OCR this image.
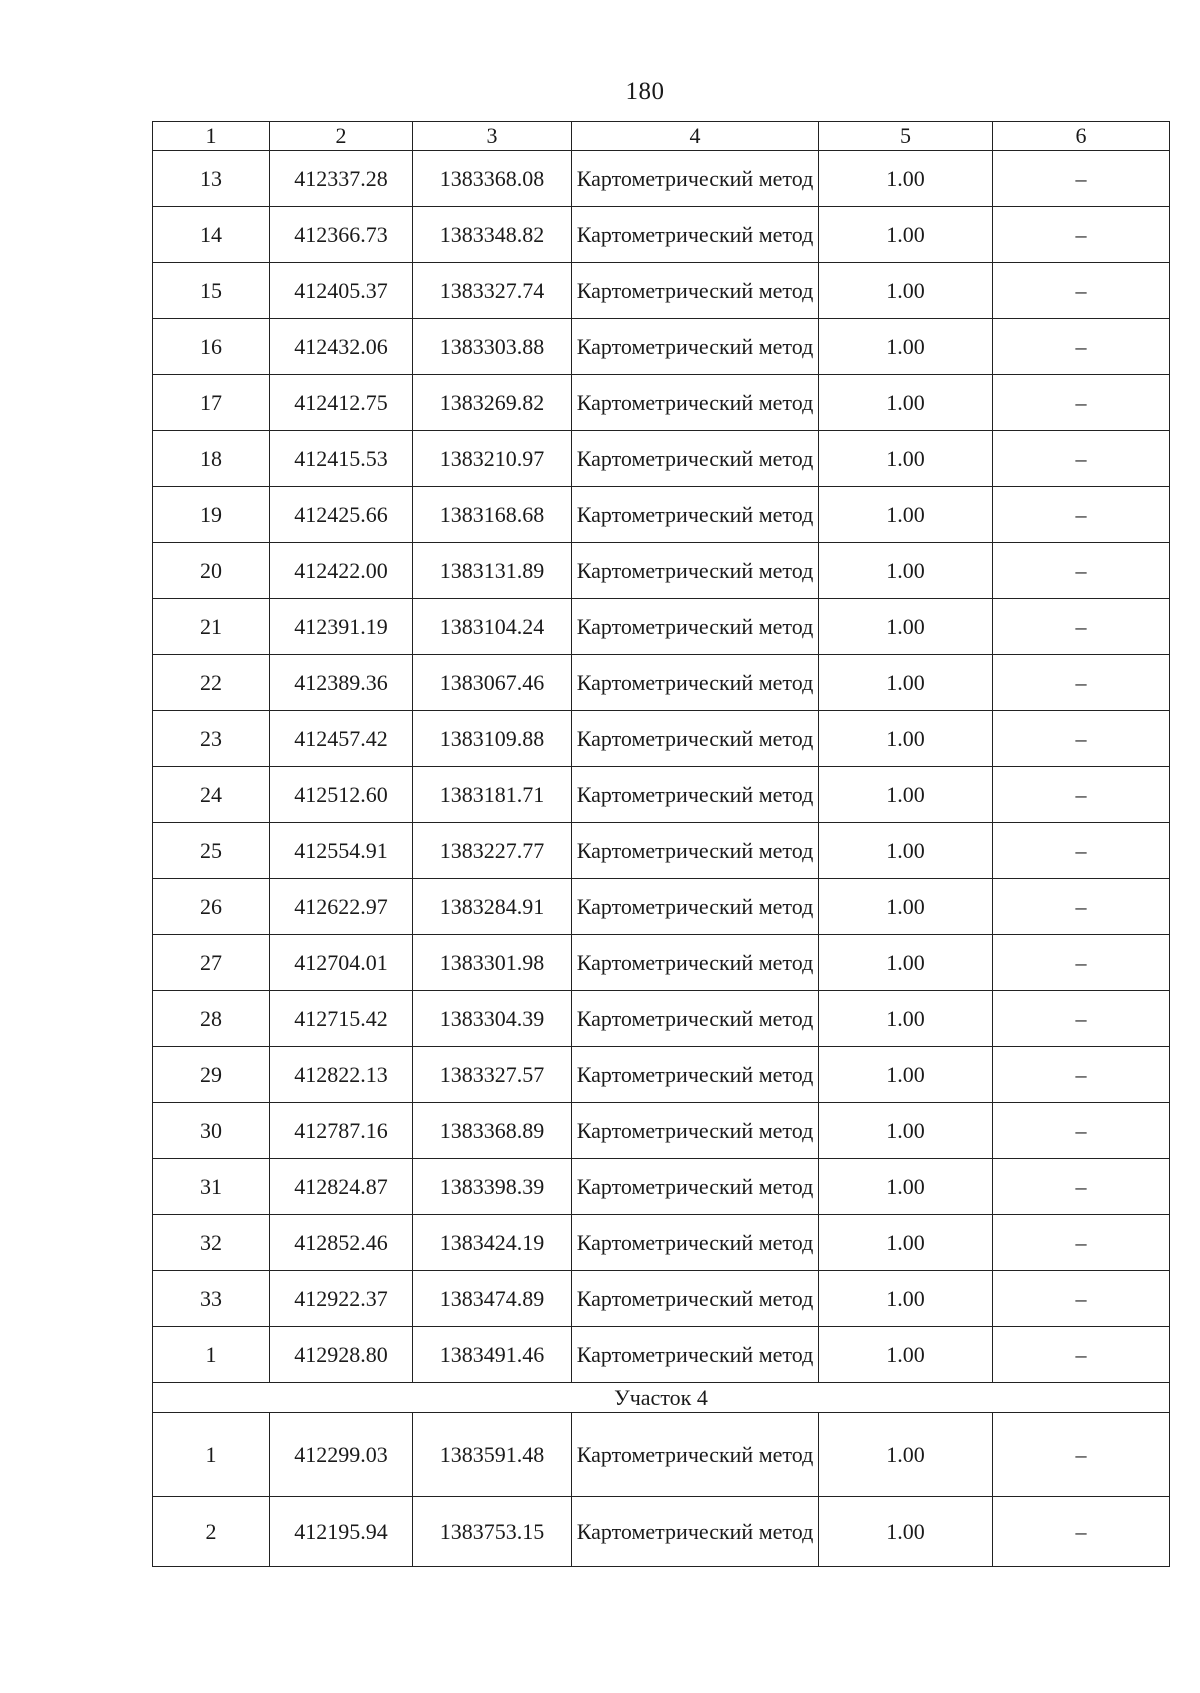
180
1	2	3	4	5	6
13	412337.28	1383368.08	Картометрический метод	1.00	–
14	412366.73	1383348.82	Картометрический метод	1.00	–
15	412405.37	1383327.74	Картометрический метод	1.00	–
16	412432.06	1383303.88	Картометрический метод	1.00	–
17	412412.75	1383269.82	Картометрический метод	1.00	–
18	412415.53	1383210.97	Картометрический метод	1.00	–
19	412425.66	1383168.68	Картометрический метод	1.00	–
20	412422.00	1383131.89	Картометрический метод	1.00	–
21	412391.19	1383104.24	Картометрический метод	1.00	–
22	412389.36	1383067.46	Картометрический метод	1.00	–
23	412457.42	1383109.88	Картометрический метод	1.00	–
24	412512.60	1383181.71	Картометрический метод	1.00	–
25	412554.91	1383227.77	Картометрический метод	1.00	–
26	412622.97	1383284.91	Картометрический метод	1.00	–
27	412704.01	1383301.98	Картометрический метод	1.00	–
28	412715.42	1383304.39	Картометрический метод	1.00	–
29	412822.13	1383327.57	Картометрический метод	1.00	–
30	412787.16	1383368.89	Картометрический метод	1.00	–
31	412824.87	1383398.39	Картометрический метод	1.00	–
32	412852.46	1383424.19	Картометрический метод	1.00	–
33	412922.37	1383474.89	Картометрический метод	1.00	–
1	412928.80	1383491.46	Картометрический метод	1.00	–
Участок 4					
1	412299.03	1383591.48	Картометрический метод	1.00	–
2	412195.94	1383753.15	Картометрический метод	1.00	–
